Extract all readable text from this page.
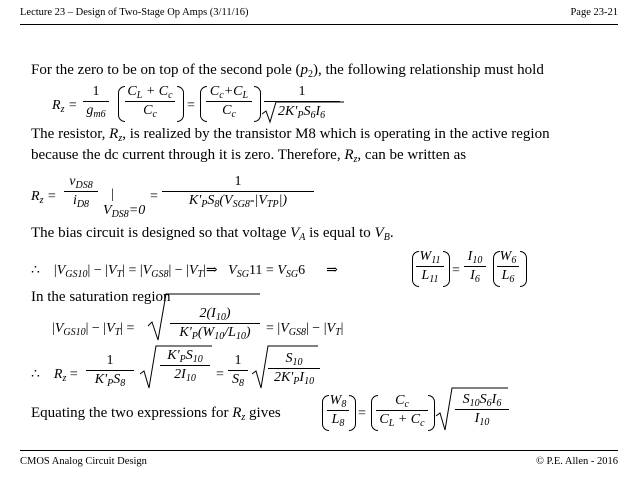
Lecture 23 – Design of Two-Stage Op Amps (3/11/16)	Page 23-21
For the zero to be on top of the second pole $(p_2)$, the following relationship must hold
$R_z$ =
1
$g_{m6}$
$C_L + C_c$
$C_c$
=
$C_c+C_L$
$C_c$
1

$2K'_PS_6I_6$
The resistor, $R_z$, is realized by the transistor M8 which is operating in the active region
because the dc current through it is zero. Therefore, $R_z$, can be written as
$R_z$ =
$v_{DS8}$
$i_{D8}$
|
$V_{DS8}=0$
=
1
$K'_PS_8(V_{SG8}-|V_{TP}|)$
The bias circuit is designed so that voltage $V_A$ is equal to $V_B$.
∴    $|V_{GS10}| - |V_T| = |V_{GS8}|$ − $|V_T|\Rightarrow$   $V_{SG}11 = V_{SG}6$      ⇒
$W_{11}$
$L_{11}$
=
$I_{10}$
$I_6$
$W_6$
$L_6$
In the saturation region
$|V_{GS10}| - |V_T|$ =
$2(I_{10})$
$K'_P(W_{10}/L_{10}) = |V_{GS8}| - |V_T|$
∴    $R_z$ =
1
$K'_PS_8$
$K'_PS_{10}$
$2I_{10}$ =
1
$S_8$
$S_{10}$
$2K'_PI_{10}$
Equating the two expressions for $R_z$ gives
$W_8$
$L_8$
=
$C_c$
$C_L + C_c$
$S_{10}S_6I_6$
$I_{10}$
CMOS Analog Circuit Design	© P.E. Allen - 2016
